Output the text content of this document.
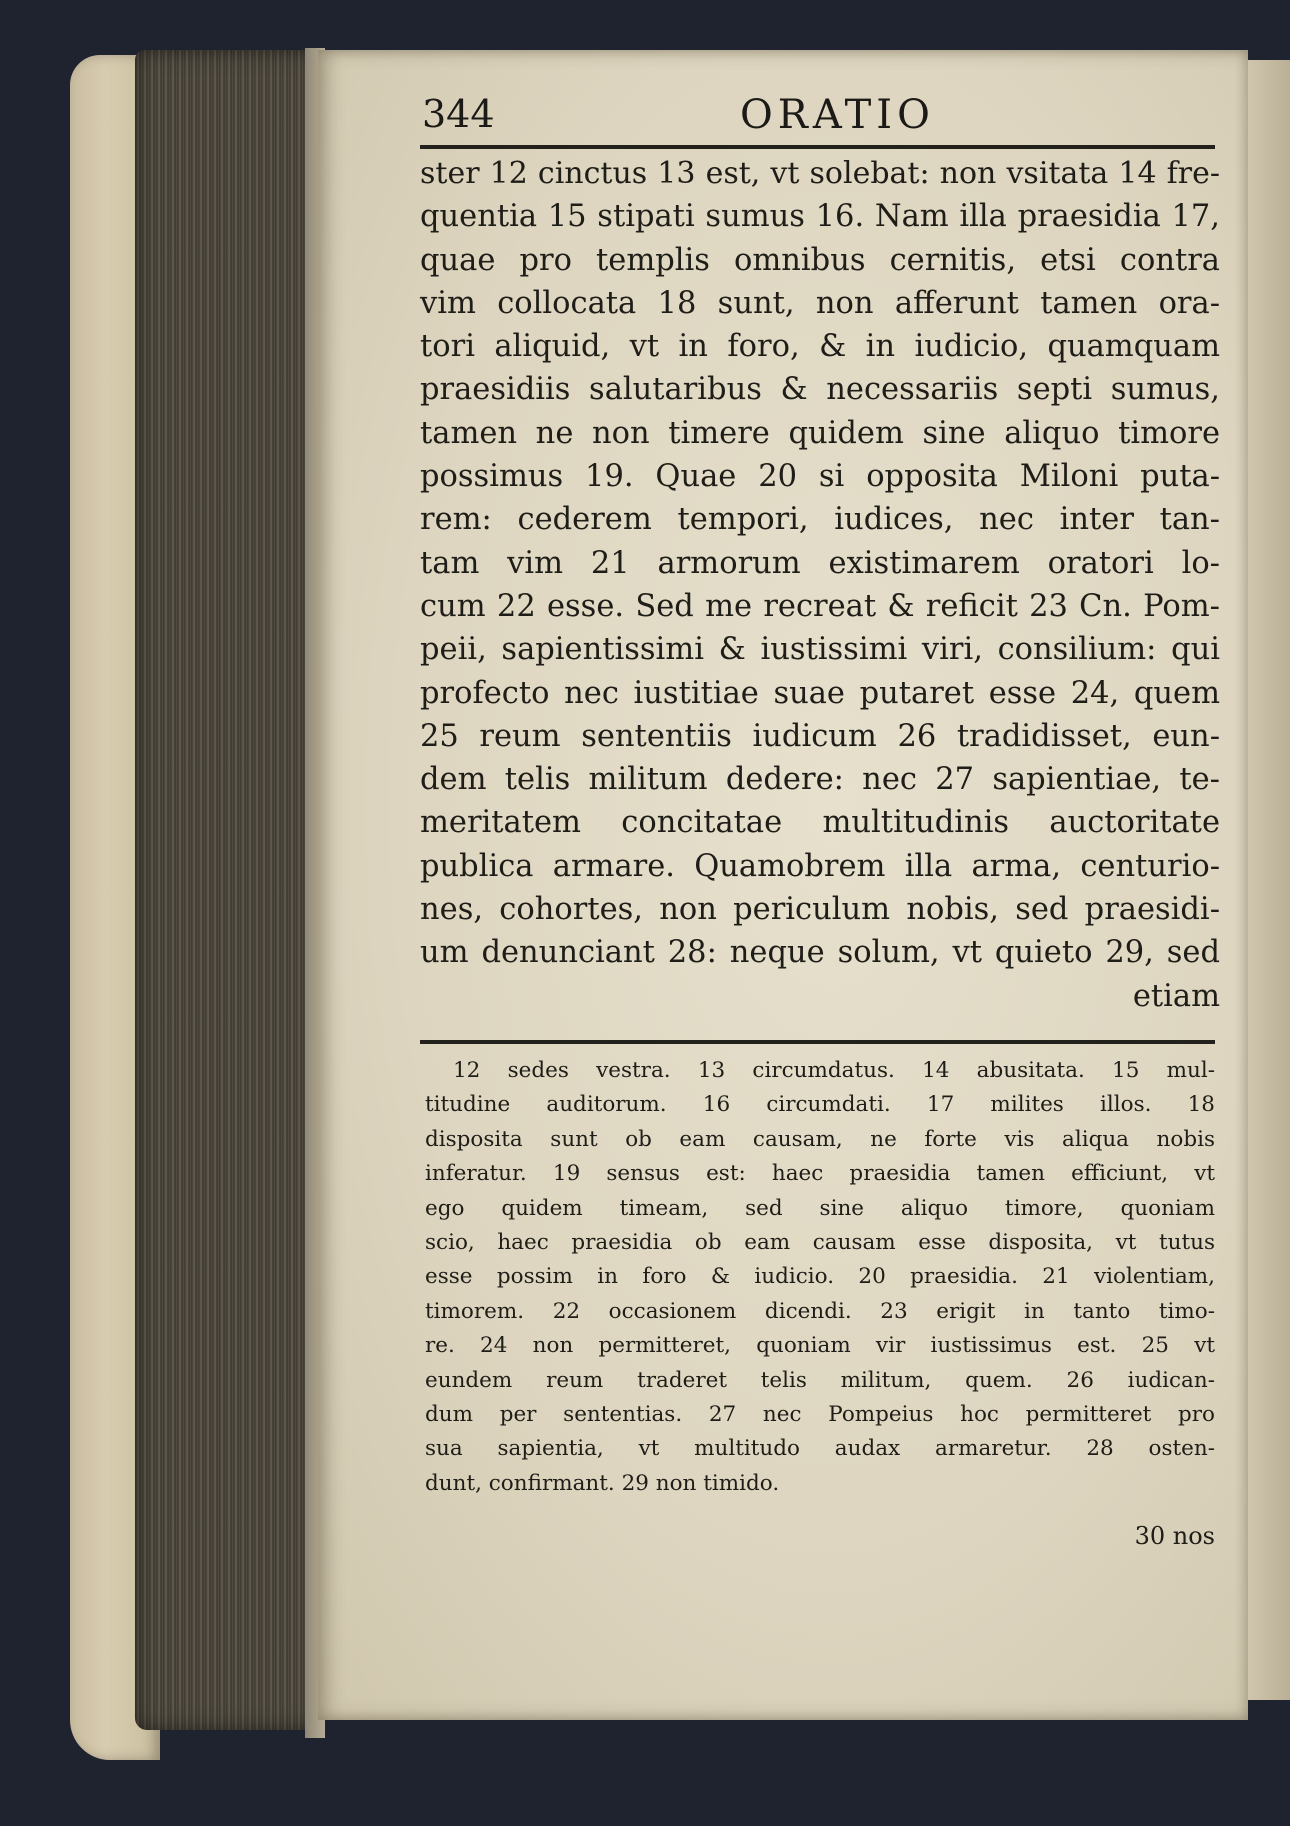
344	ORATIO
ster 12 cinctus 13 est, vt solebat: non vsitata 14 fre-
quentia 15 stipati sumus 16. Nam illa praesidia 17,
quae pro templis omnibus cernitis, etsi contra
vim collocata 18 sunt, non afferunt tamen ora-
tori aliquid, vt in foro, & in iudicio, quamquam
praesidiis salutaribus & necessariis septi sumus,
tamen ne non timere quidem sine aliquo timore
possimus 19. Quae 20 si opposita Miloni puta-
rem: cederem tempori, iudices, nec inter tan-
tam vim 21 armorum existimarem oratori lo-
cum 22 esse. Sed me recreat & reficit 23 Cn. Pom-
peii, sapientissimi & iustissimi viri, consilium: qui
profecto nec iustitiae suae putaret esse 24, quem
25 reum sententiis iudicum 26 tradidisset, eun-
dem telis militum dedere: nec 27 sapientiae, te-
meritatem concitatae multitudinis auctoritate
publica armare. Quamobrem illa arma, centurio-
nes, cohortes, non periculum nobis, sed praesidi-
um denunciant 28: neque solum, vt quieto 29, sed
etiam
12 sedes vestra. 13 circumdatus. 14 abusitata. 15 mul-
titudine auditorum. 16 circumdati. 17 milites illos. 18
disposita sunt ob eam causam, ne forte vis aliqua nobis
inferatur. 19 sensus est: haec praesidia tamen efficiunt, vt
ego quidem timeam, sed sine aliquo timore, quoniam
scio, haec praesidia ob eam causam esse disposita, vt tutus
esse possim in foro & iudicio. 20 praesidia. 21 violentiam,
timorem. 22 occasionem dicendi. 23 erigit in tanto timo-
re. 24 non permitteret, quoniam vir iustissimus est. 25 vt
eundem reum traderet telis militum, quem. 26 iudican-
dum per sententias. 27 nec Pompeius hoc permitteret pro
sua sapientia, vt multitudo audax armaretur. 28 osten-
dunt, confirmant. 29 non timido.
30 nos
